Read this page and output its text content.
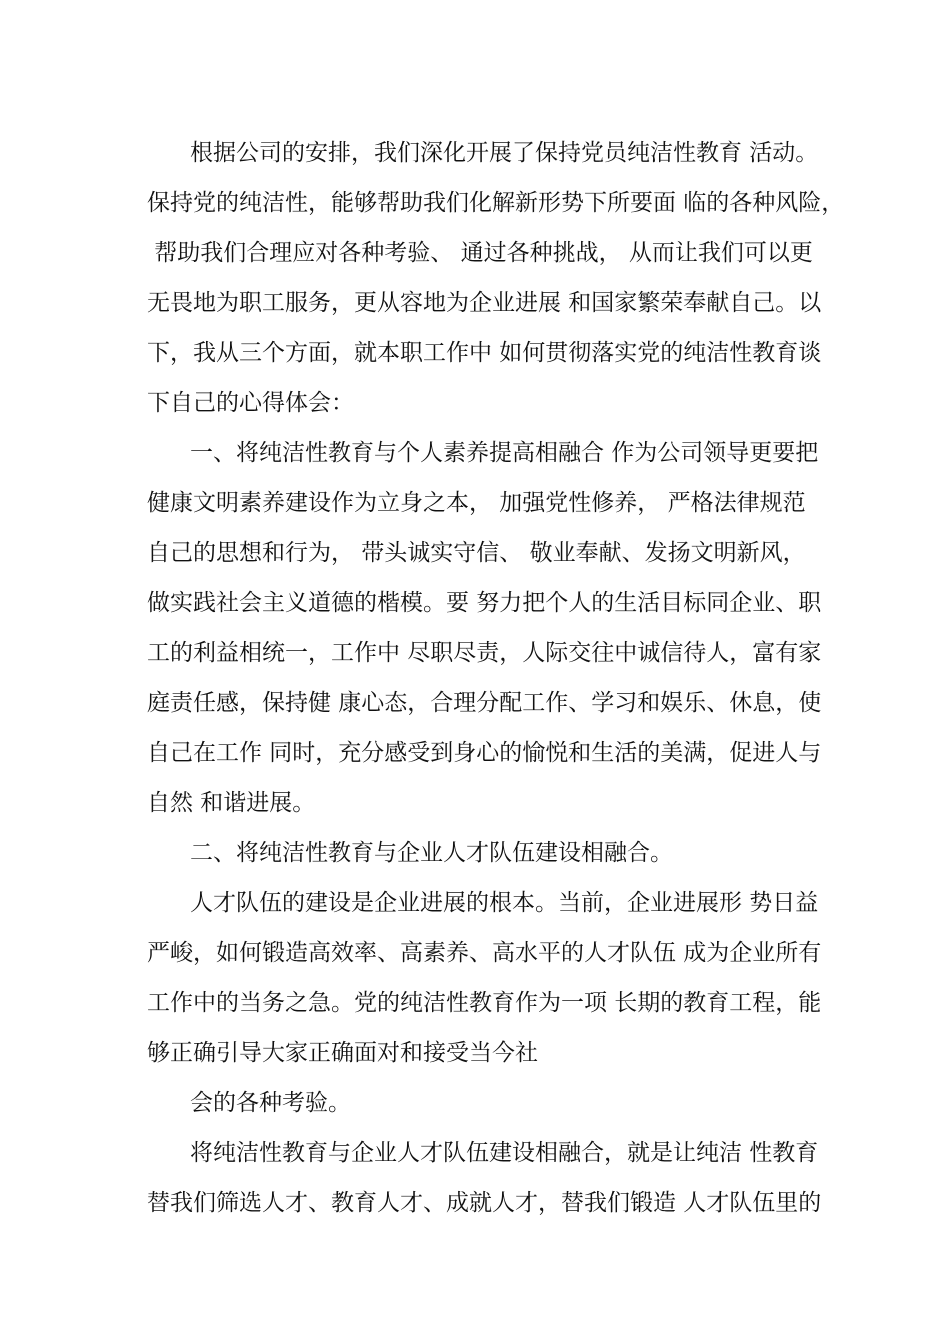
根据公司的安排，我们深化开展了保持党员纯洁性教育 活动。
保持党的纯洁性，能够帮助我们化解新形势下所要面 临的各种风险，
帮助我们合理应对各种考验、 通过各种挑战， 从而让我们可以更
无畏地为职工服务，更从容地为企业进展 和国家繁荣奉献自己。以
下，我从三个方面，就本职工作中 如何贯彻落实党的纯洁性教育谈
下自己的心得体会：
一、将纯洁性教育与个人素养提高相融合 作为公司领导更要把
健康文明素养建设作为立身之本， 加强党性修养， 严格法律规范
自己的思想和行为， 带头诚实守信、 敬业奉献、发扬文明新风，
做实践社会主义道德的楷模。要 努力把个人的生活目标同企业、职
工的利益相统一，工作中 尽职尽责，人际交往中诚信待人，富有家
庭责任感，保持健 康心态，合理分配工作、学习和娱乐、休息，使
自己在工作 同时，充分感受到身心的愉悦和生活的美满，促进人与
自然 和谐进展。
二、将纯洁性教育与企业人才队伍建设相融合。
人才队伍的建设是企业进展的根本。当前，企业进展形 势日益
严峻，如何锻造高效率、高素养、高水平的人才队伍 成为企业所有
工作中的当务之急。党的纯洁性教育作为一项 长期的教育工程，能
够正确引导大家正确面对和接受当今社
会的各种考验。
将纯洁性教育与企业人才队伍建设相融合，就是让纯洁 性教育
替我们筛选人才、教育人才、成就人才，替我们锻造 人才队伍里的
